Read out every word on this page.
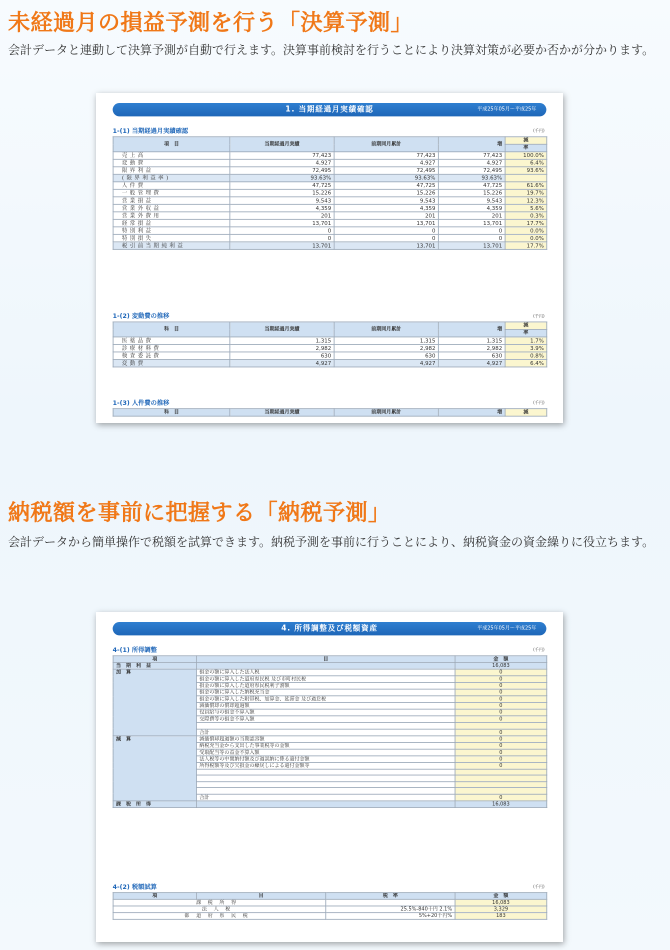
未経過月の損益予測を行う「決算予測」
会計データと連動して決算予測が自動で行えます。決算事前検討を行うことにより決算対策が必要か否かが分かります。
1. 当期経過月実績確認	平成25年05月～平成25年
1-(1) 当期経過月実績確認	(千円)
項　目	当期経過月実績	前期同月累計	増	減
				率
売上高	77,423	77,423	77,423	100.0%
変動費	4,927	4,927	4,927	6.4%
限界利益	72,495	72,495	72,495	93.6%
(限界利益率)	93.63%	93.63%	93.63%	
人件費	47,725	47,725	47,725	61.6%
一般管理費	15,226	15,226	15,226	19.7%
営業損益	9,543	9,543	9,543	12.3%
営業外収益	4,359	4,359	4,359	5.6%
営業外費用	201	201	201	0.3%
経常損益	13,701	13,701	13,701	17.7%
特別利益	0	0	0	0.0%
特別損失	0	0	0	0.0%
税引前当期純利益	13,701	13,701	13,701	17.7%
1-(2) 変動費の推移	(千円)
科　目	当期経過月実績	前期同月累計	増	減
				率
医薬品費	1,315	1,315	1,315	1.7%
診療材料費	2,982	2,982	2,982	3.9%
検査委託費	630	630	630	0.8%
変動費	4,927	4,927	4,927	6.4%
1-(3) 人件費の推移	(千円)
科　目	当期経過月実績	前期同月累計	増	減
納税額を事前に把握する「納税予測」
会計データから簡単操作で税額を試算できます。納税予測を事前に行うことにより、納税資金の資金繰りに役立ちます。
4. 所得調整及び税額資産	平成25年05月～平成25年
4-(1) 所得調整	(千円)
項	目	金　額
当期利益		16,083
加算	損金の額に算入した法人税	0
	損金の額に算入した道府県民税 及び市町村民税	0
	損金の額に算入した道府県民税利子割額	0
	損金の額に算入した納税充当金	0
	損金の額に算入した附帯税、加算金、延滞金 及び過怠税	0
	減価償却の償却超過額	0
	役員給与の損金不算入額	0
	交際費等の損金不算入額	0

	合計	0
減算	減価償却超過額の当期認容額	0
	納税充当金から支出した事業税等の金額	0
	受取配当等の益金不算入額	0
	法人税等の中間納付額及び過誤納に係る還付金額	0
	所得税額等及び欠損金の繰戻しによる還付金額等	0

	合計	0
課税所得		16,083
4-(2) 税額試算	(千円)
項	目	税　率	金　額
課税所得			16,083
法人税		25.5%-840千円 2.1%	3,329
都道府県民税		5%+20千円%	183
